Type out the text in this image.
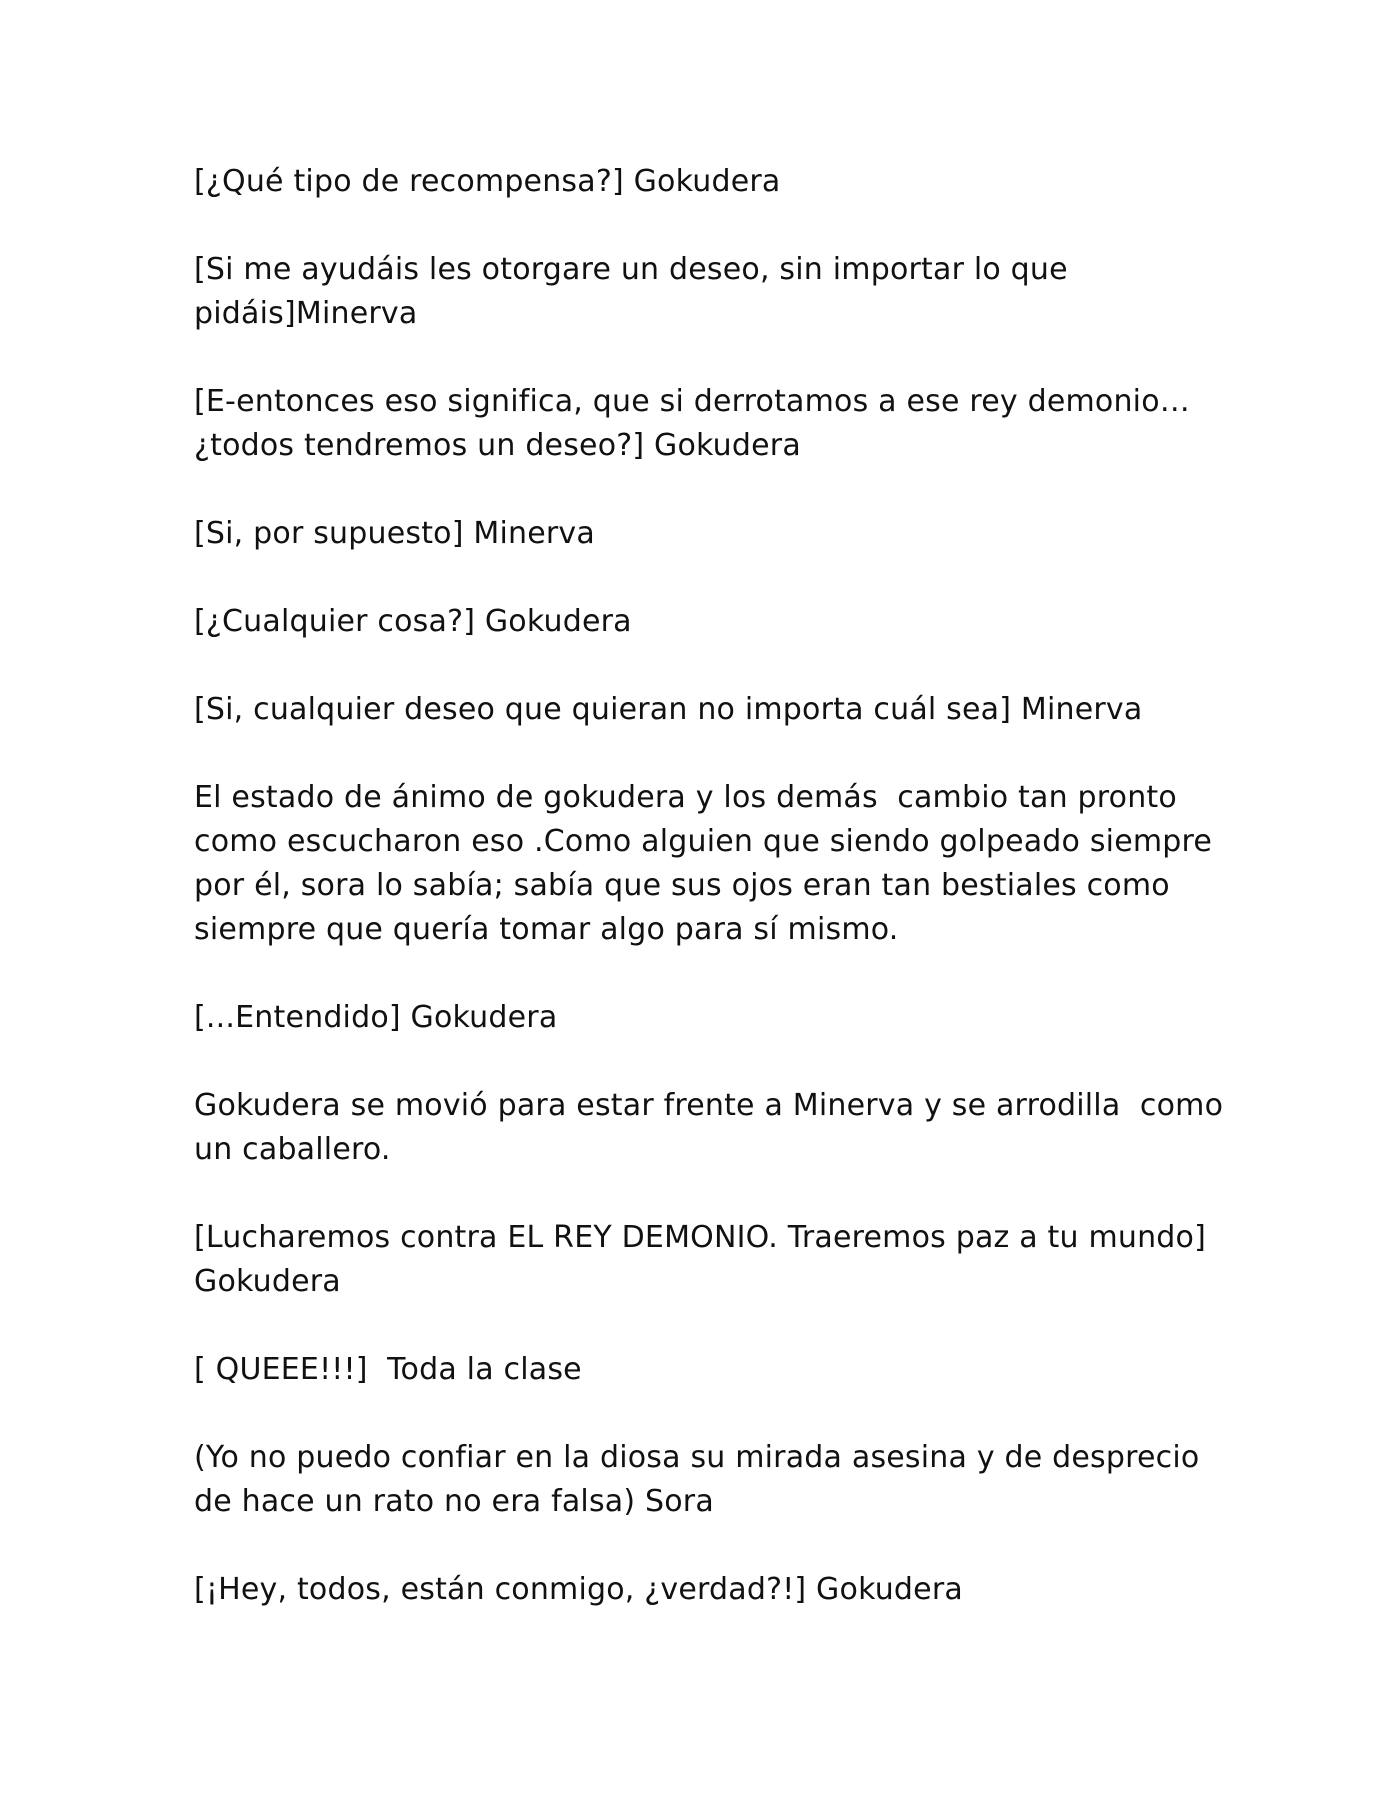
[¿Qué tipo de recompensa?] Gokudera

[Si me ayudáis les otorgare un deseo, sin importar lo que pidáis]Minerva

[E-entonces eso significa, que si derrotamos a ese rey demonio… ¿todos tendremos un deseo?] Gokudera

[Si, por supuesto] Minerva

[¿Cualquier cosa?] Gokudera

[Si, cualquier deseo que quieran no importa cuál sea] Minerva

El estado de ánimo de gokudera y los demás  cambio tan pronto como escucharon eso .Como alguien que siendo golpeado siempre por él, sora lo sabía; sabía que sus ojos eran tan bestiales como siempre que quería tomar algo para sí mismo.

[...Entendido] Gokudera

Gokudera se movió para estar frente a Minerva y se arrodilla  como un caballero.

[Lucharemos contra EL REY DEMONIO. Traeremos paz a tu mundo] Gokudera

[ QUEEE!!!]  Toda la clase

(Yo no puedo confiar en la diosa su mirada asesina y de desprecio de hace un rato no era falsa) Sora

[¡Hey, todos, están conmigo, ¿verdad?!] Gokudera
